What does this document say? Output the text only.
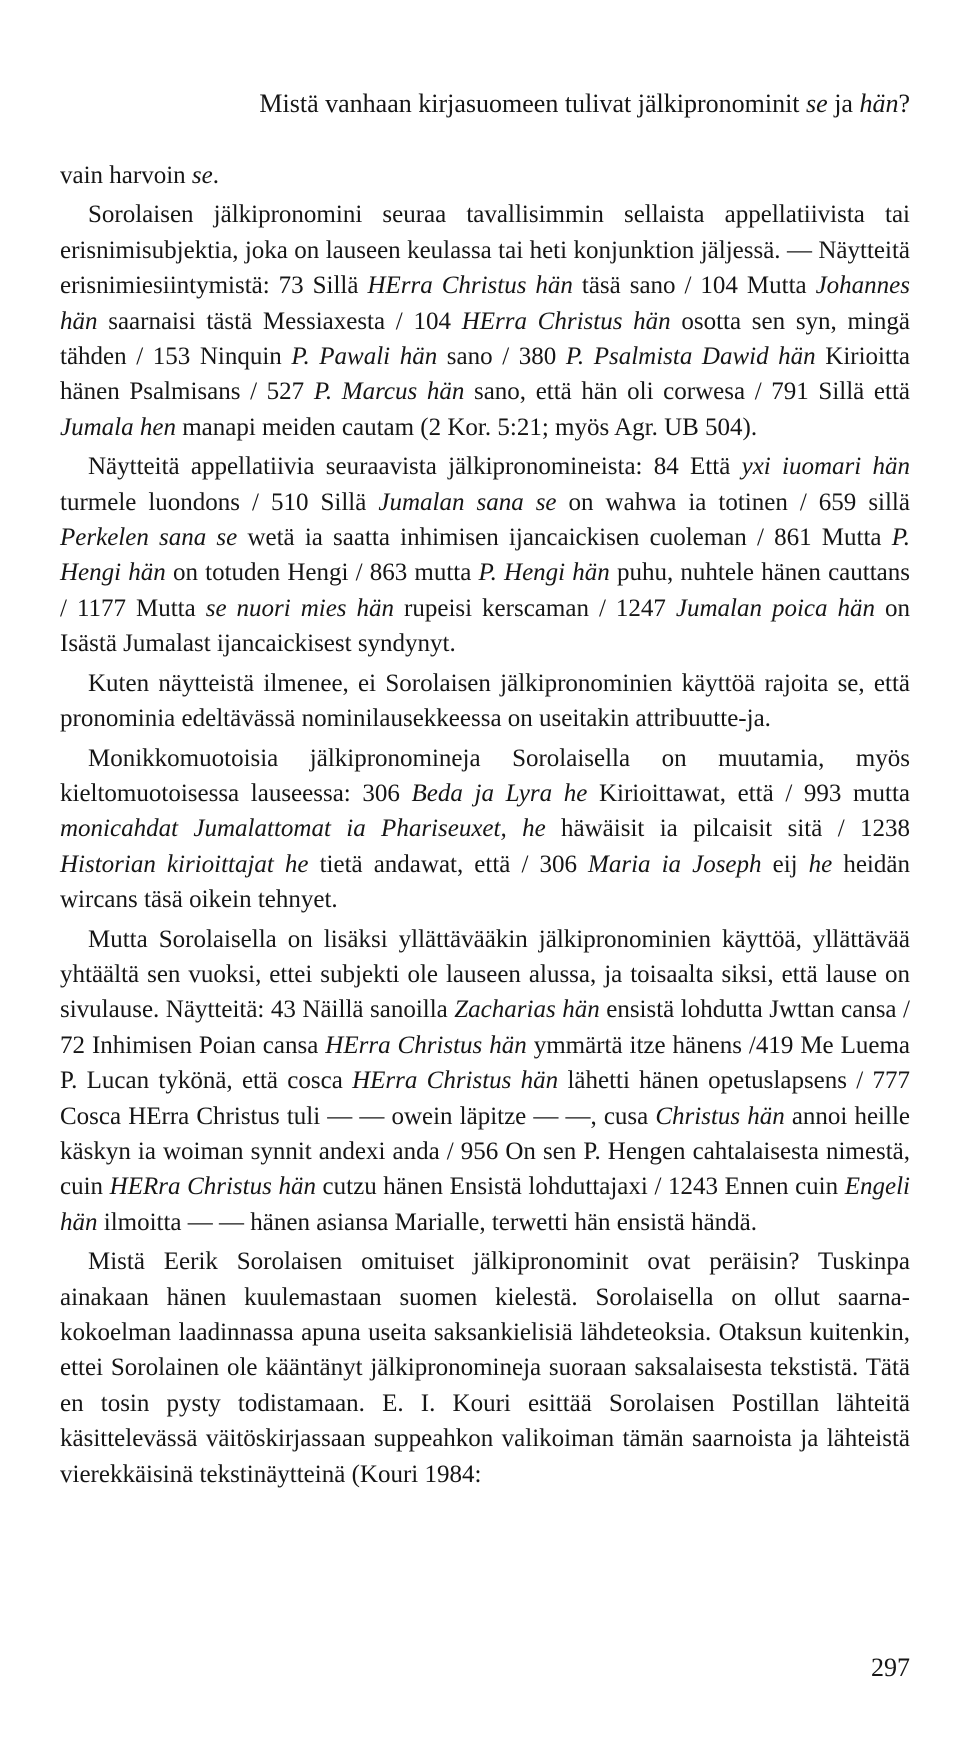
Mistä vanhaan kirjasuomeen tulivat jälkipronominit se ja hän?

vain harvoin se.

Sorolaisen jälkipronomini seuraa tavallisimmin sellaista appellatiivista tai erisnimisubjektia, joka on lauseen keulassa tai heti konjunktion jäljessä. — Näytteitä erisnimiesiintymistä: 73 Sillä HErra Christus hän täsä sano / 104 Mutta Johannes hän saarnaisi tästä Messiaxesta / 104 HErra Christus hän osotta sen syn, mingä tähden / 153 Ninquin P. Pawali hän sano / 380 P. Psalmista Dawid hän Kirioitta hänen Psalmisans / 527 P. Marcus hän sano, että hän oli corwesa / 791 Sillä että Jumala hen manapi meiden cautam (2 Kor. 5:21; myös Agr. UB 504).

Näytteitä appellatiivia seuraavista jälkipronomineista: 84 Että yxi iuomari hän turmele luondons / 510 Sillä Jumalan sana se on wahwa ia totinen / 659 sillä Perkelen sana se wetä ia saatta inhimisen ijancaickisen cuoleman / 861 Mutta P. Hengi hän on totuden Hengi / 863 mutta P. Hengi hän puhu, nuhtele hänen cauttans / 1177 Mutta se nuori mies hän rupeisi kerscaman / 1247 Jumalan poica hän on Isästä Jumalast ijancaickisest syndynyt.

Kuten näytteistä ilmenee, ei Sorolaisen jälkipronominien käyttöä rajoita se, että pronominia edeltävässä nominilausekkeessa on useitakin attribuutte-ja.

Monikkomuotoisia jälkipronomineja Sorolaisella on muutamia, myös kieltomuotoisessa lauseessa: 306 Beda ja Lyra he Kirioittawat, että / 993 mutta monicahdat Jumalattomat ia Phariseuxet, he häwäisit ia pilcaisit sitä / 1238 Historian kirioittajat he tietä andawat, että / 306 Maria ia Joseph eij he heidän wircans täsä oikein tehnyet.

Mutta Sorolaisella on lisäksi yllättävääkin jälkipronominien käyttöä, yllättävää yhtäältä sen vuoksi, ettei subjekti ole lauseen alussa, ja toisaalta siksi, että lause on sivulause. Näytteitä: 43 Näillä sanoilla Zacharias hän ensistä lohdutta Jwttan cansa / 72 Inhimisen Poian cansa HErra Christus hän ymmärtä itze hänens /419 Me Luema P. Lucan tykönä, että cosca HErra Christus hän lähetti hänen opetuslapsens / 777 Cosca HErra Christus tuli — — owein läpitze — —, cusa Christus hän annoi heille käskyn ia woiman synnit andexi anda / 956 On sen P. Hengen cahtalaisesta nimestä, cuin HERra Christus hän cutzu hänen Ensistä lohduttajaxi / 1243 Ennen cuin Engeli hän ilmoitta — — hänen asiansa Marialle, terwetti hän ensistä händä.

Mistä Eerik Sorolaisen omituiset jälkipronominit ovat peräisin? Tuskinpa ainakaan hänen kuulemastaan suomen kielestä. Sorolaisella on ollut saarnakokoelman laadinnassa apuna useita saksankielisiä lähdeteoksia. Otaksun kuitenkin, ettei Sorolainen ole kääntänyt jälkipronomineja suoraan saksalaisesta tekstistä. Tätä en tosin pysty todistamaan. E. I. Kouri esittää Sorolaisen Postillan lähteitä käsittelevässä väitöskirjassaan suppeahkon valikoiman tämän saarnoista ja lähteistä vierekkäisinä tekstinäytteinä (Kouri 1984:

297
